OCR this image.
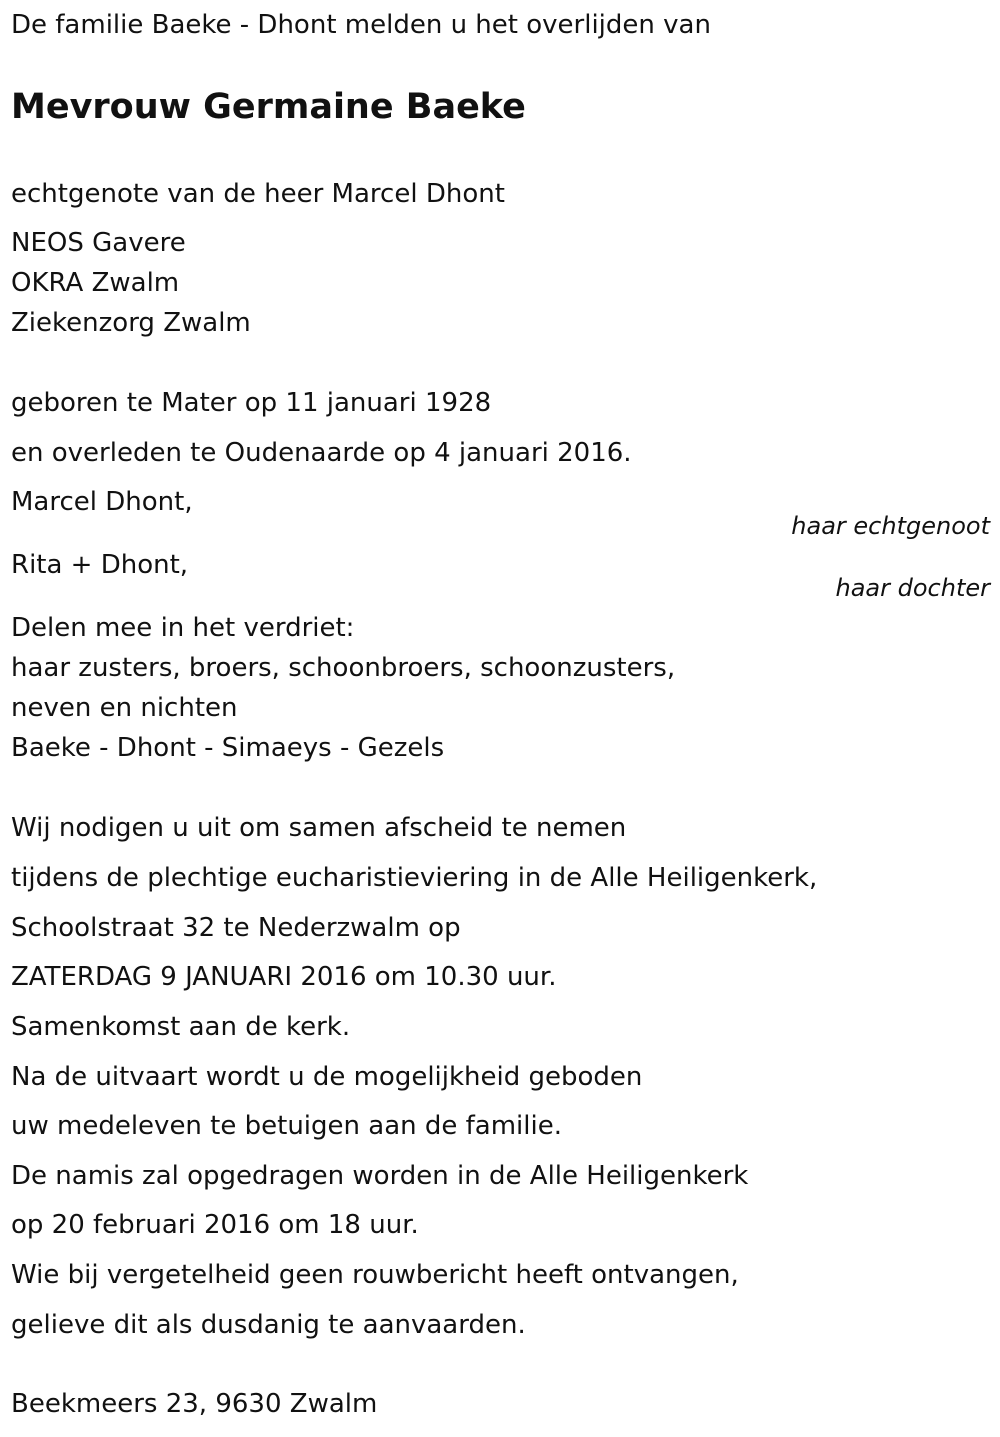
De familie Baeke - Dhont melden u het overlijden van

Mevrouw Germaine Baeke

echtgenote van de heer Marcel Dhont

NEOS Gavere

OKRA Zwalm

Ziekenzorg Zwalm

geboren te Mater op 11 januari 1928

en overleden te Oudenaarde op 4 januari 2016.

Marcel Dhont,

haar echtgenoot

Rita + Dhont,

haar dochter

Delen mee in het verdriet:

haar zusters, broers, schoonbroers, schoonzusters,

neven en nichten

Baeke - Dhont - Simaeys - Gezels

Wij nodigen u uit om samen afscheid te nemen

tijdens de plechtige eucharistieviering in de Alle Heiligenkerk,

Schoolstraat 32 te Nederzwalm op

ZATERDAG 9 JANUARI 2016 om 10.30 uur.

Samenkomst aan de kerk.

Na de uitvaart wordt u de mogelijkheid geboden

uw medeleven te betuigen aan de familie.

De namis zal opgedragen worden in de Alle Heiligenkerk

op 20 februari 2016 om 18 uur.

Wie bij vergetelheid geen rouwbericht heeft ontvangen,

gelieve dit als dusdanig te aanvaarden.

Beekmeers 23, 9630 Zwalm
